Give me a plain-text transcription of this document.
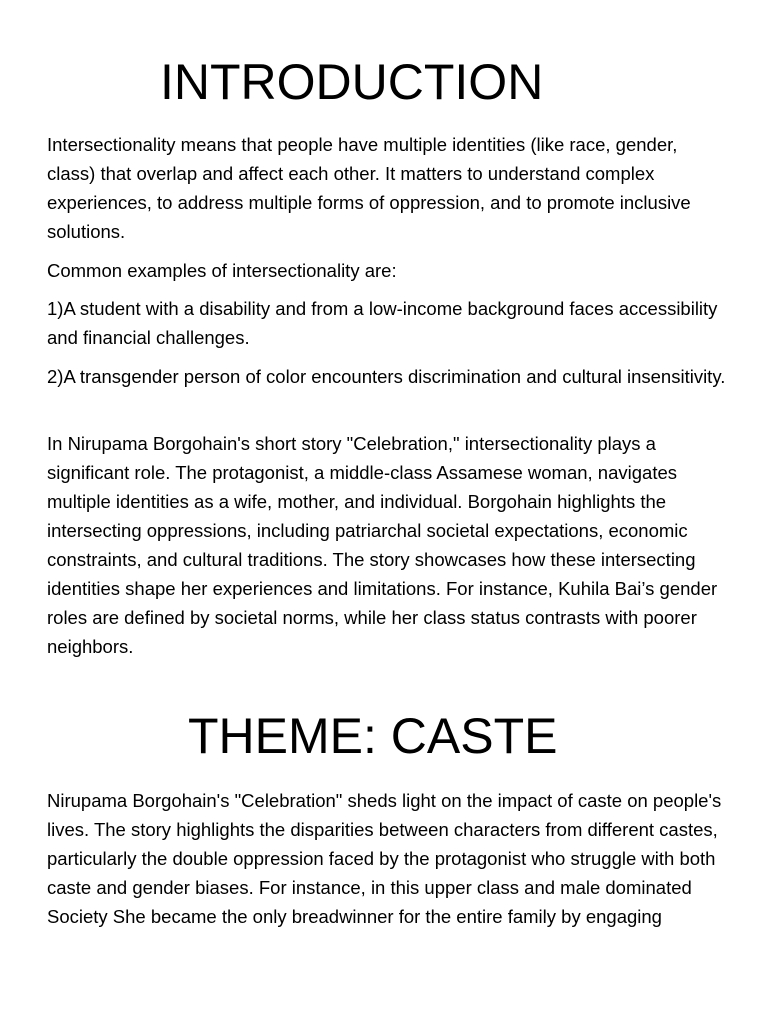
INTRODUCTION

Intersectionality means that people have multiple identities (like race, gender, class) that overlap and affect each other. It matters to understand complex experiences, to address multiple forms of oppression, and to promote inclusive solutions.

Common examples of intersectionality are:

1)A student with a disability and from a low-income background faces accessibility and financial challenges.

2)A transgender person of color encounters discrimination and cultural insensitivity.

In Nirupama Borgohain's short story "Celebration," intersectionality plays a significant role. The protagonist, a middle-class Assamese woman, navigates multiple identities as a wife, mother, and individual. Borgohain highlights the intersecting oppressions, including patriarchal societal expectations, economic constraints, and cultural traditions. The story showcases how these intersecting identities shape her experiences and limitations. For instance, Kuhila Bai’s gender roles are defined by societal norms, while her class status contrasts with poorer neighbors.

THEME: CASTE

Nirupama Borgohain's "Celebration" sheds light on the impact of caste on people's lives. The story highlights the disparities between characters from different castes, particularly the double oppression faced by the protagonist who struggle with both caste and gender biases. For instance, in this upper class and male dominated Society She became the only breadwinner for the entire family by engaging
